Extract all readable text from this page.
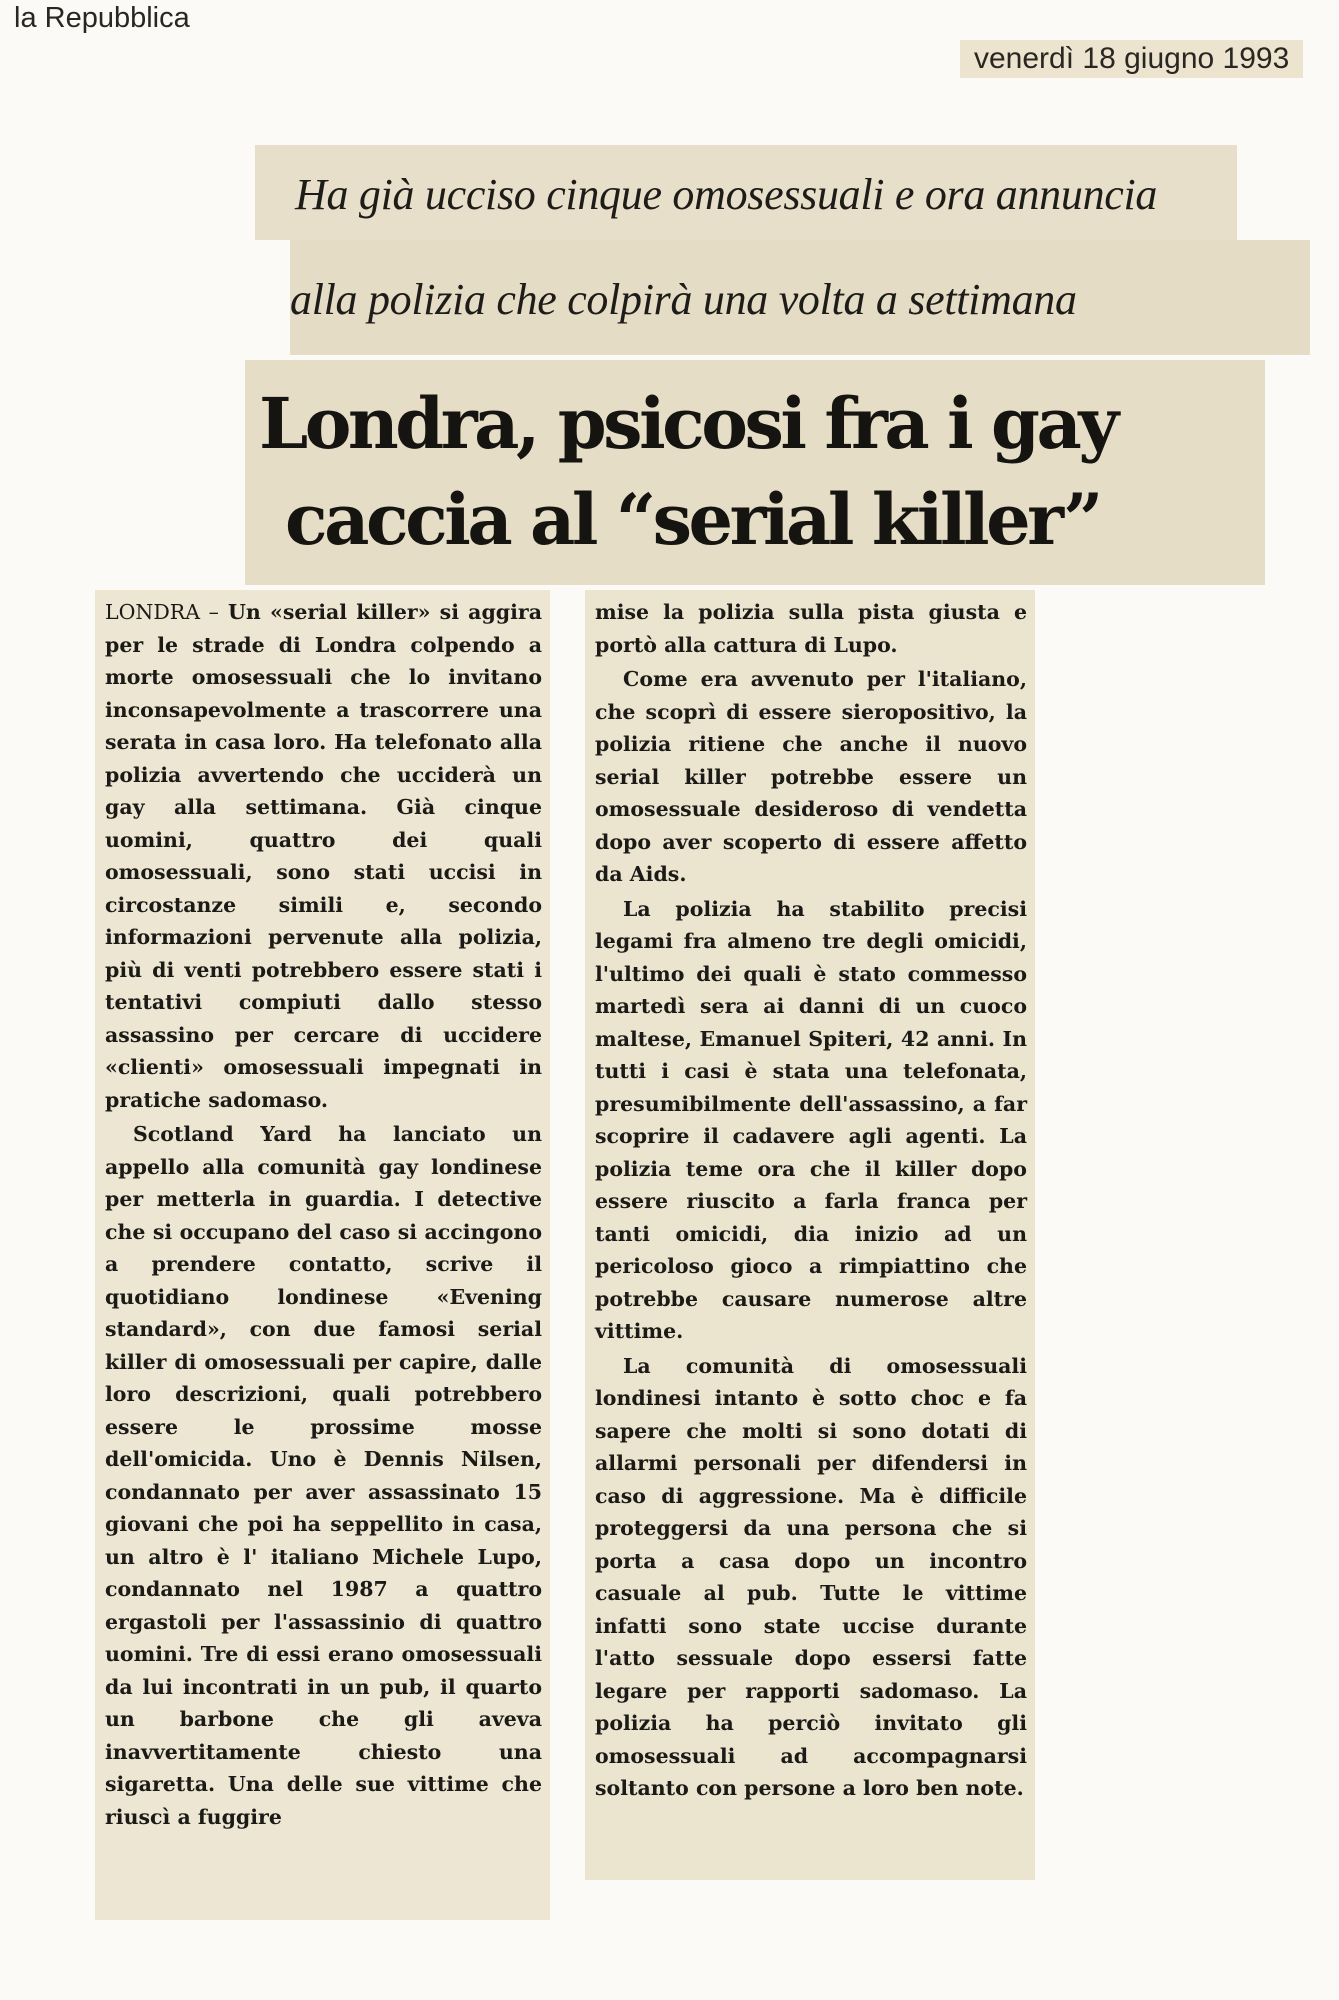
la Repubblica
venerdì 18 giugno 1993
Ha già ucciso cinque omosessuali e ora annuncia
alla polizia che colpirà una volta a settimana
Londra, psicosi fra i gay
caccia al “serial killer”

LONDRA – Un «serial killer» si aggira per le strade di Londra colpendo a morte omosessuali che lo invitano inconsapevolmente a trascorrere una serata in casa loro. Ha telefonato alla polizia avvertendo che ucciderà un gay alla settimana. Già cinque uomini, quattro dei quali omosessuali, sono stati uccisi in circostanze simili e, secondo informazioni pervenute alla polizia, più di venti potrebbero essere stati i tentativi compiuti dallo stesso assassino per cercare di uccidere «clienti» omosessuali impegnati in pratiche sadomaso.

Scotland Yard ha lanciato un appello alla comunità gay londinese per metterla in guardia. I detective che si occupano del caso si accingono a prendere contatto, scrive il quotidiano londinese «Evening standard», con due famosi serial killer di omosessuali per capire, dalle loro descrizioni, quali potrebbero essere le prossime mosse dell'omicida. Uno è Dennis Nilsen, condannato per aver assassinato 15 giovani che poi ha seppellito in casa, un altro è l' italiano Michele Lupo, condannato nel 1987 a quattro ergastoli per l'assassinio di quattro uomini. Tre di essi erano omosessuali da lui incontrati in un pub, il quarto un barbone che gli aveva inavvertitamente chiesto una sigaretta. Una delle sue vittime che riuscì a fuggire

mise la polizia sulla pista giusta e portò alla cattura di Lupo.

Come era avvenuto per l'italiano, che scoprì di essere sieropositivo, la polizia ritiene che anche il nuovo serial killer potrebbe essere un omosessuale desideroso di vendetta dopo aver scoperto di essere affetto da Aids.

La polizia ha stabilito precisi legami fra almeno tre degli omicidi, l'ultimo dei quali è stato commesso martedì sera ai danni di un cuoco maltese, Emanuel Spiteri, 42 anni. In tutti i casi è stata una telefonata, presumibilmente dell'assassino, a far scoprire il cadavere agli agenti. La polizia teme ora che il killer dopo essere riuscito a farla franca per tanti omicidi, dia inizio ad un pericoloso gioco a rimpiattino che potrebbe causare numerose altre vittime.

La comunità di omosessuali londinesi intanto è sotto choc e fa sapere che molti si sono dotati di allarmi personali per difendersi in caso di aggressione. Ma è difficile proteggersi da una persona che si porta a casa dopo un incontro casuale al pub. Tutte le vittime infatti sono state uccise durante l'atto sessuale dopo essersi fatte legare per rapporti sadomaso. La polizia ha perciò invitato gli omosessuali ad accompagnarsi soltanto con persone a loro ben note.
